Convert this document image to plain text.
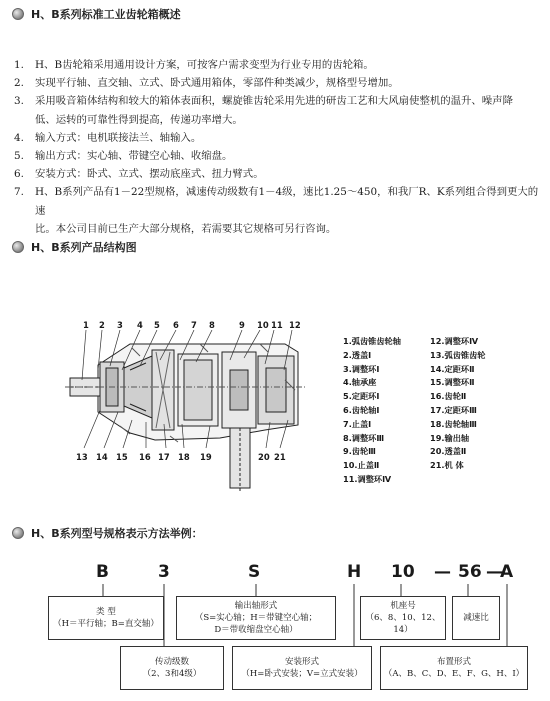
H、B系列标准工业齿轮箱概述
1.	H、B齿轮箱采用通用设计方案，可按客户需求变型为行业专用的齿轮箱。
2.	实现平行轴、直交轴、立式、卧式通用箱体，零部件种类减少，规格型号增加。
3.	采用吸音箱体结构和较大的箱体表面积，螺旋锥齿轮采用先进的研齿工艺和大风扇使整机的温升、噪声降
低、运转的可靠性得到提高，传递功率增大。
4.	输入方式：电机联接法兰、轴输入。
5.	输出方式：实心轴、带键空心轴、收缩盘。
6.	安装方式：卧式、立式、摆动底座式、扭力臂式。
7.	H、B系列产品有1－22型规格，减速传动级数有1－4级，速比1.25～450，和我厂R、K系列组合得到更大的速
比。本公司目前已生产大部分规格，若需要其它规格可另行咨询。
H、B系列产品结构图
1 2 3 4 5 6 7 8	9 10 11 12
13 14 15 16 17 18 19	20 21
1.弧齿锥齿轮轴
2.透盖Ⅰ
3.调整环Ⅰ
4.轴承座
5.定距环Ⅰ
6.齿轮轴Ⅰ
7.止盖Ⅰ
8.调整环Ⅲ
9.齿轮Ⅲ
10.止盖Ⅱ
11.调整环Ⅳ
12.调整环Ⅳ
13.弧齿锥齿轮
14.定距环Ⅱ
15.调整环Ⅱ
16.齿轮Ⅱ
17.定距环Ⅲ
18.齿轮轴Ⅲ
19.输出轴
20.透盖Ⅱ
21.机 体
H、B系列型号规格表示方法举例：
B	3	S	H 10 — 56 —
A
类 型
（H＝平行轴；B=直交轴）
输出轴形式
（S=实心轴；H＝带键空心轴；
D＝带收缩盘空心轴）
机座号
（6、8、10、12、14）
减速比
传动级数
（2、3和4级）
安装形式
（H=卧式安装；V=立式安装）
布置形式
（A、B、C、D、E、F、G、H、I）
